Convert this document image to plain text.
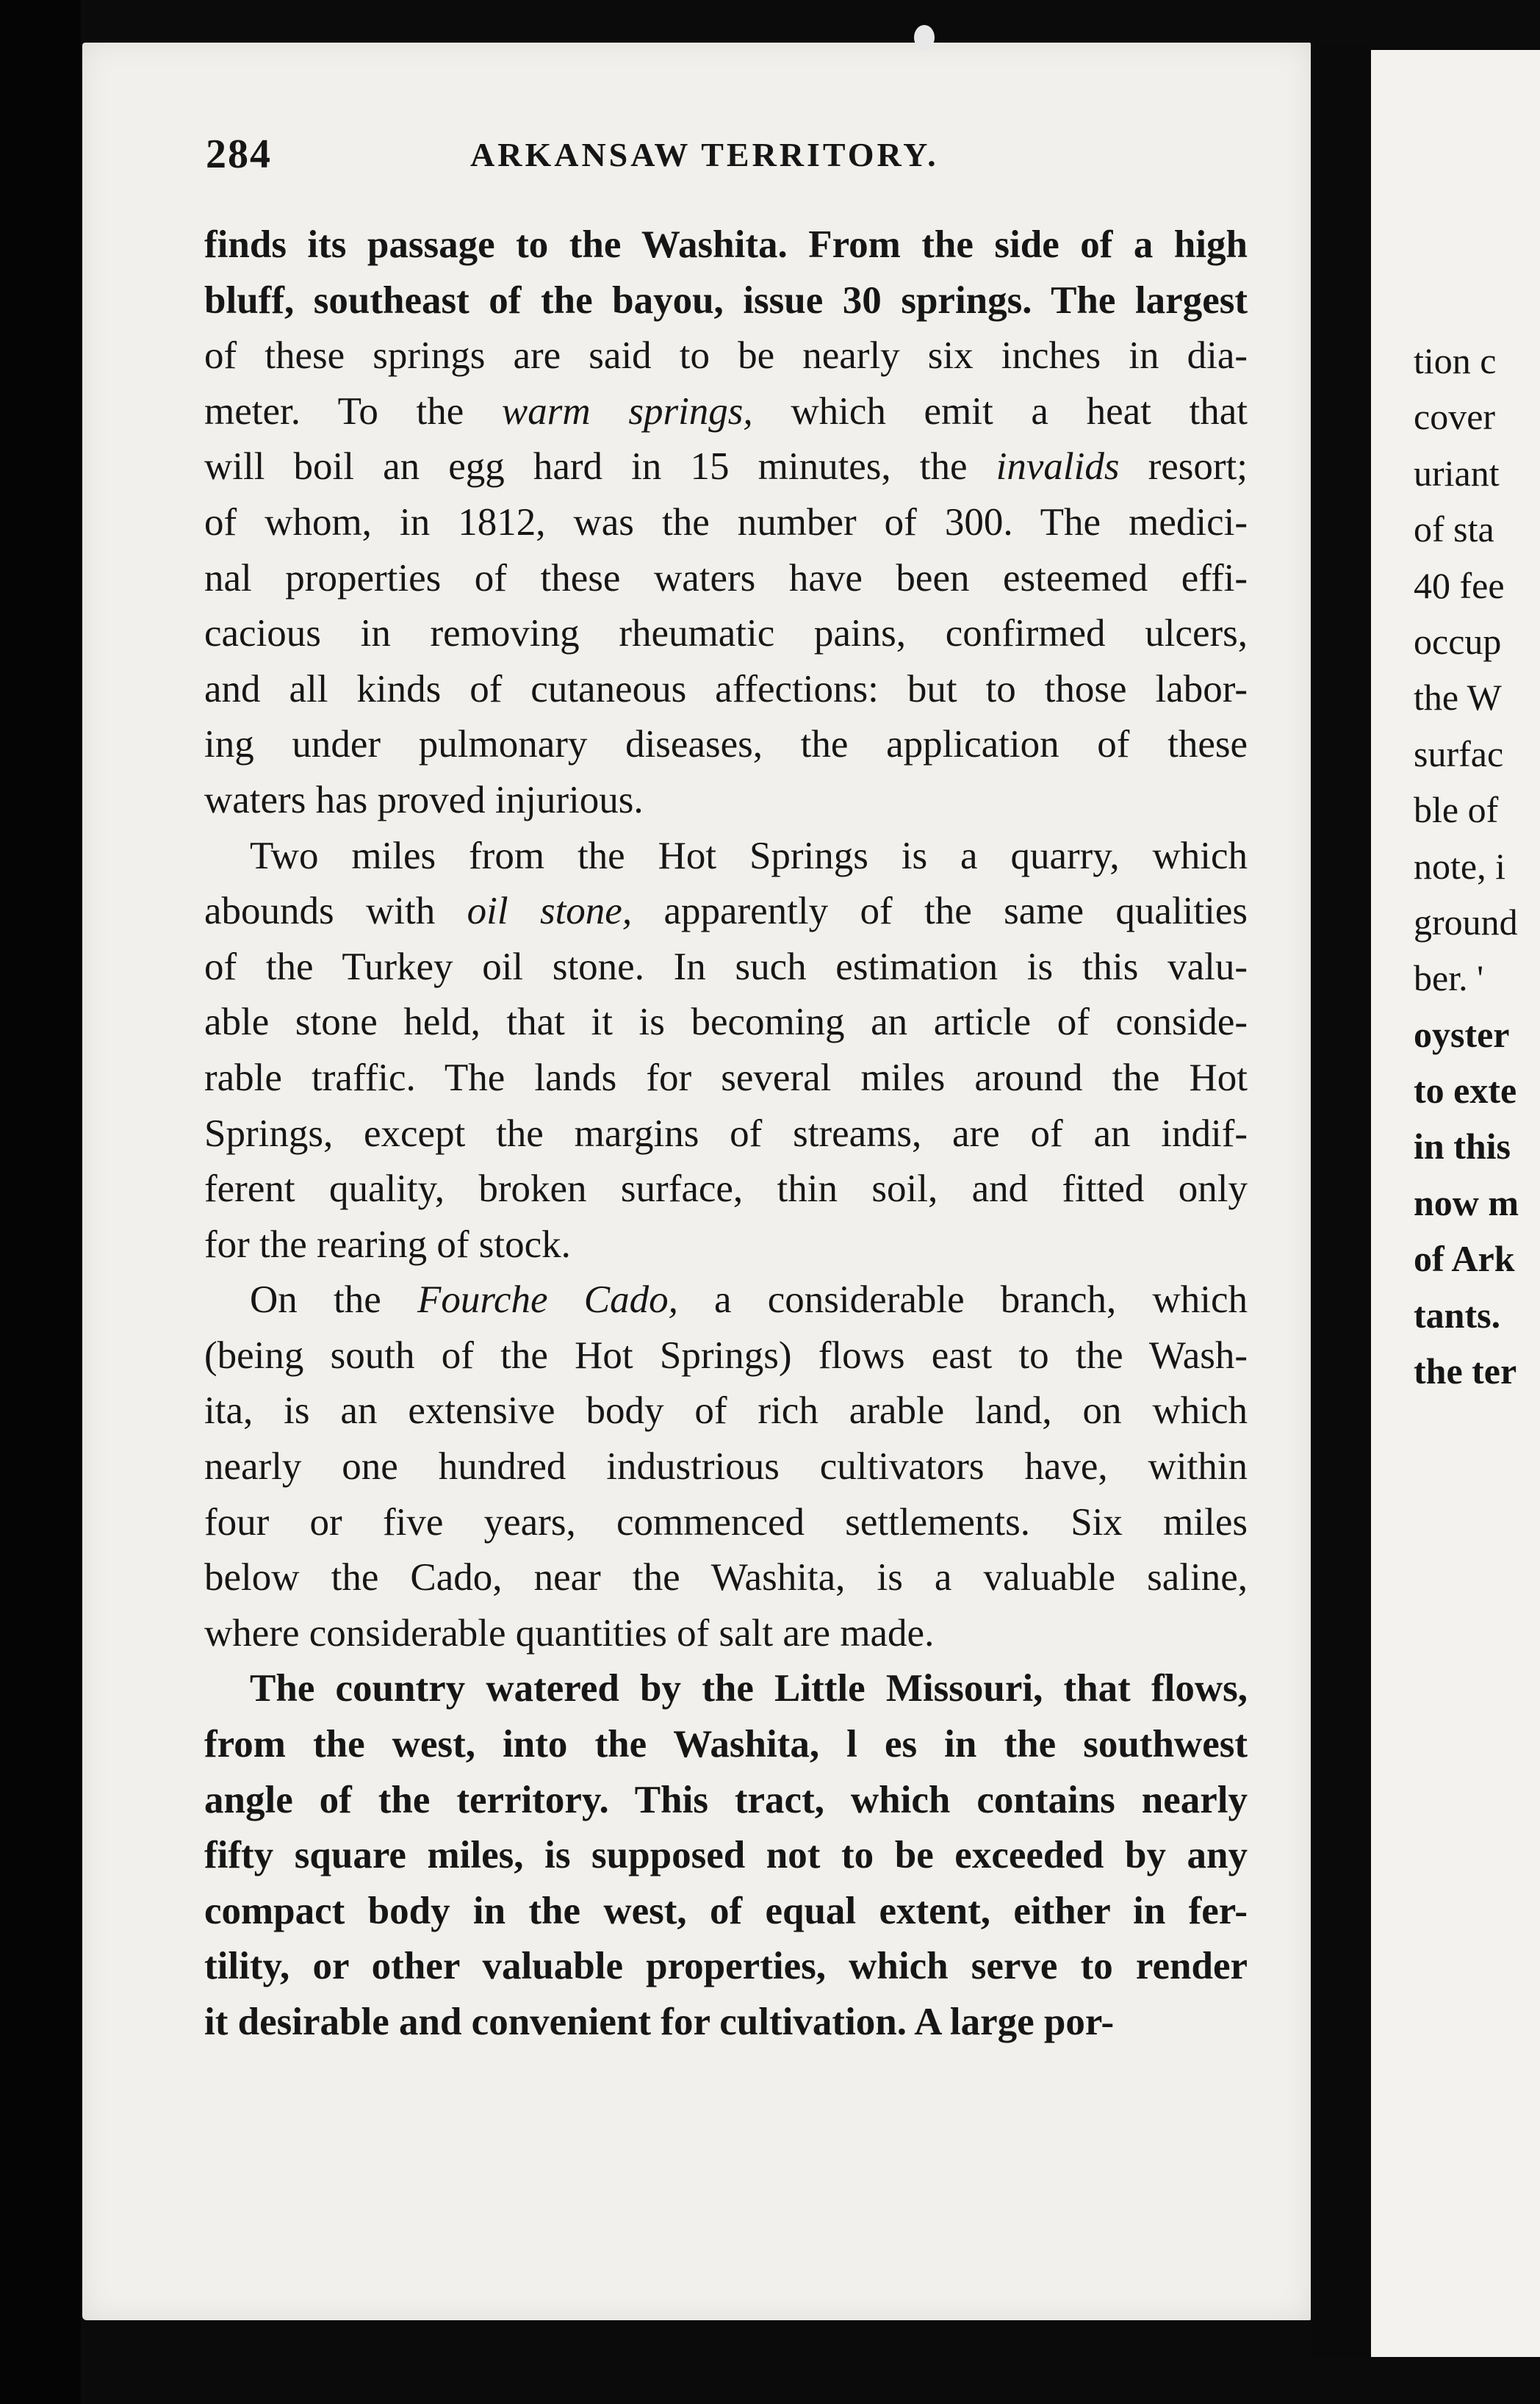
284	ARKANSAW TERRITORY.
finds its passage to the Washita. From the side of a high
bluff, southeast of the bayou, issue 30 springs. The largest
of these springs are said to be nearly six inches in dia-
meter. To the warm springs, which emit a heat that
will boil an egg hard in 15 minutes, the invalids resort;
of whom, in 1812, was the number of 300. The medici-
nal properties of these waters have been esteemed effi-
cacious in removing rheumatic pains, confirmed ulcers,
and all kinds of cutaneous affections: but to those labor-
ing under pulmonary diseases, the application of these
waters has proved injurious.
Two miles from the Hot Springs is a quarry, which
abounds with oil stone, apparently of the same qualities
of the Turkey oil stone. In such estimation is this valu-
able stone held, that it is becoming an article of conside-
rable traffic. The lands for several miles around the Hot
Springs, except the margins of streams, are of an indif-
ferent quality, broken surface, thin soil, and fitted only
for the rearing of stock.
On the Fourche Cado, a considerable branch, which
(being south of the Hot Springs) flows east to the Wash-
ita, is an extensive body of rich arable land, on which
nearly one hundred industrious cultivators have, within
four or five years, commenced settlements. Six miles
below the Cado, near the Washita, is a valuable saline,
where considerable quantities of salt are made.
The country watered by the Little Missouri, that flows,
from the west, into the Washita, l es in the southwest
angle of the territory. This tract, which contains nearly
fifty square miles, is supposed not to be exceeded by any
compact body in the west, of equal extent, either in fer-
tility, or other valuable properties, which serve to render
it desirable and convenient for cultivation. A large por-
tion c
cover
uriant
of sta
40 fee
occup
the W
surfac
ble of
note, i
ground
ber. '
oyster
to exte
in this
now m
of Ark
tants.
the ter
